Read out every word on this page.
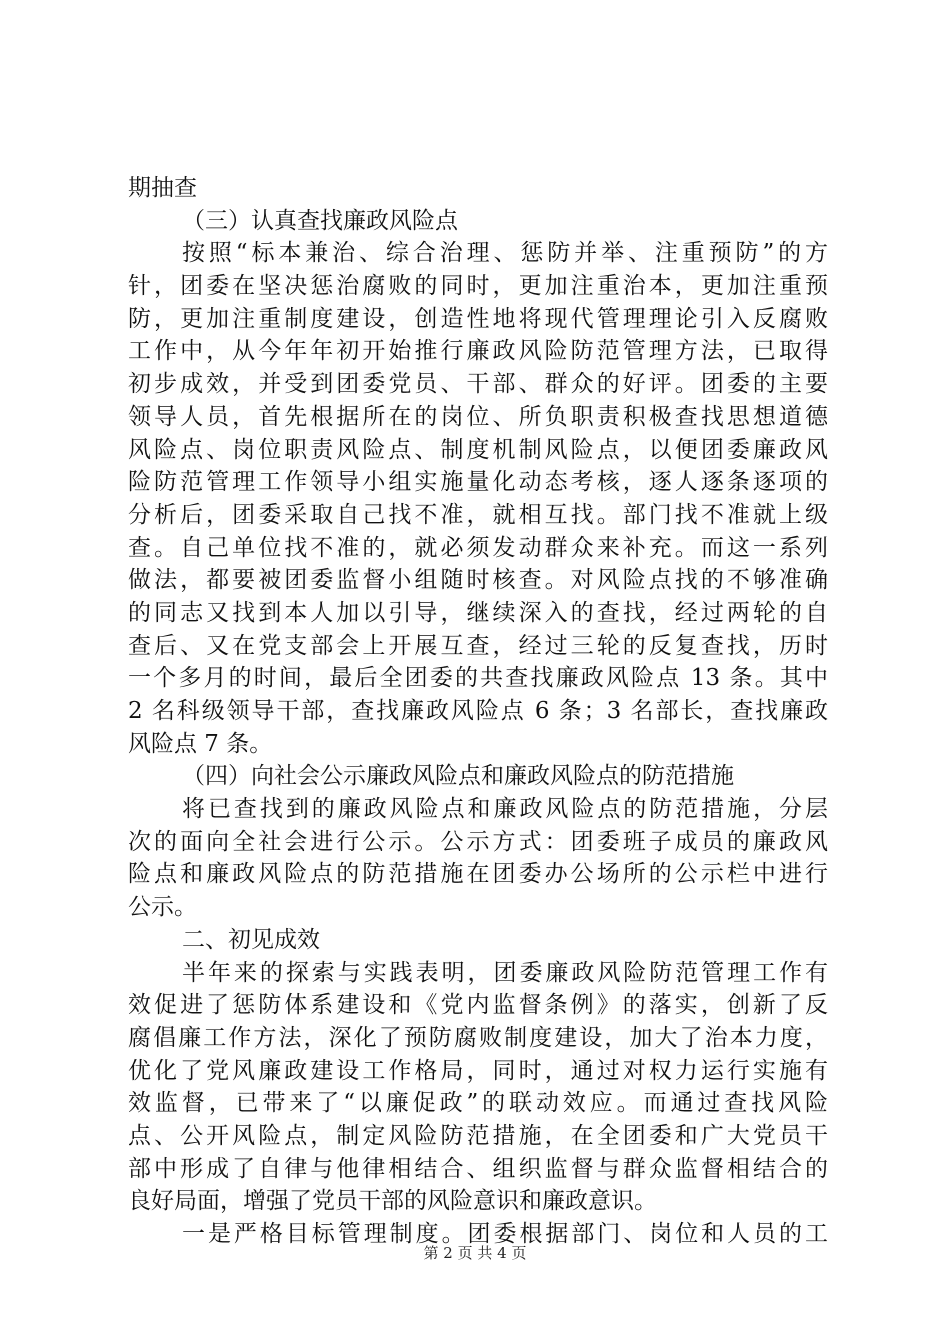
期抽查
（三）认真查找廉政风险点
按照“标本兼治、综合治理、惩防并举、注重预防”的方
针，团委在坚决惩治腐败的同时，更加注重治本，更加注重预
防，更加注重制度建设，创造性地将现代管理理论引入反腐败
工作中，从今年年初开始推行廉政风险防范管理方法，已取得
初步成效，并受到团委党员、干部、群众的好评。团委的主要
领导人员，首先根据所在的岗位、所负职责积极查找思想道德
风险点、岗位职责风险点、制度机制风险点，以便团委廉政风
险防范管理工作领导小组实施量化动态考核，逐人逐条逐项的
分析后，团委采取自己找不准，就相互找。部门找不准就上级
查。自己单位找不准的，就必须发动群众来补充。而这一系列
做法，都要被团委监督小组随时核查。对风险点找的不够准确
的同志又找到本人加以引导，继续深入的查找，经过两轮的自
查后、又在党支部会上开展互查，经过三轮的反复查找，历时
一个多月的时间，最后全团委的共查找廉政风险点 13 条。其中
2 名科级领导干部，查找廉政风险点 6 条；3 名部长，查找廉政
风险点 7 条。
（四）向社会公示廉政风险点和廉政风险点的防范措施
将已查找到的廉政风险点和廉政风险点的防范措施，分层
次的面向全社会进行公示。公示方式：团委班子成员的廉政风
险点和廉政风险点的防范措施在团委办公场所的公示栏中进行
公示。
二、初见成效
半年来的探索与实践表明，团委廉政风险防范管理工作有
效促进了惩防体系建设和《党内监督条例》的落实，创新了反
腐倡廉工作方法，深化了预防腐败制度建设，加大了治本力度，
优化了党风廉政建设工作格局，同时，通过对权力运行实施有
效监督，已带来了“以廉促政”的联动效应。而通过查找风险
点、公开风险点，制定风险防范措施，在全团委和广大党员干
部中形成了自律与他律相结合、组织监督与群众监督相结合的
良好局面，增强了党员干部的风险意识和廉政意识。
一是严格目标管理制度。团委根据部门、岗位和人员的工
第 2 页 共 4 页
